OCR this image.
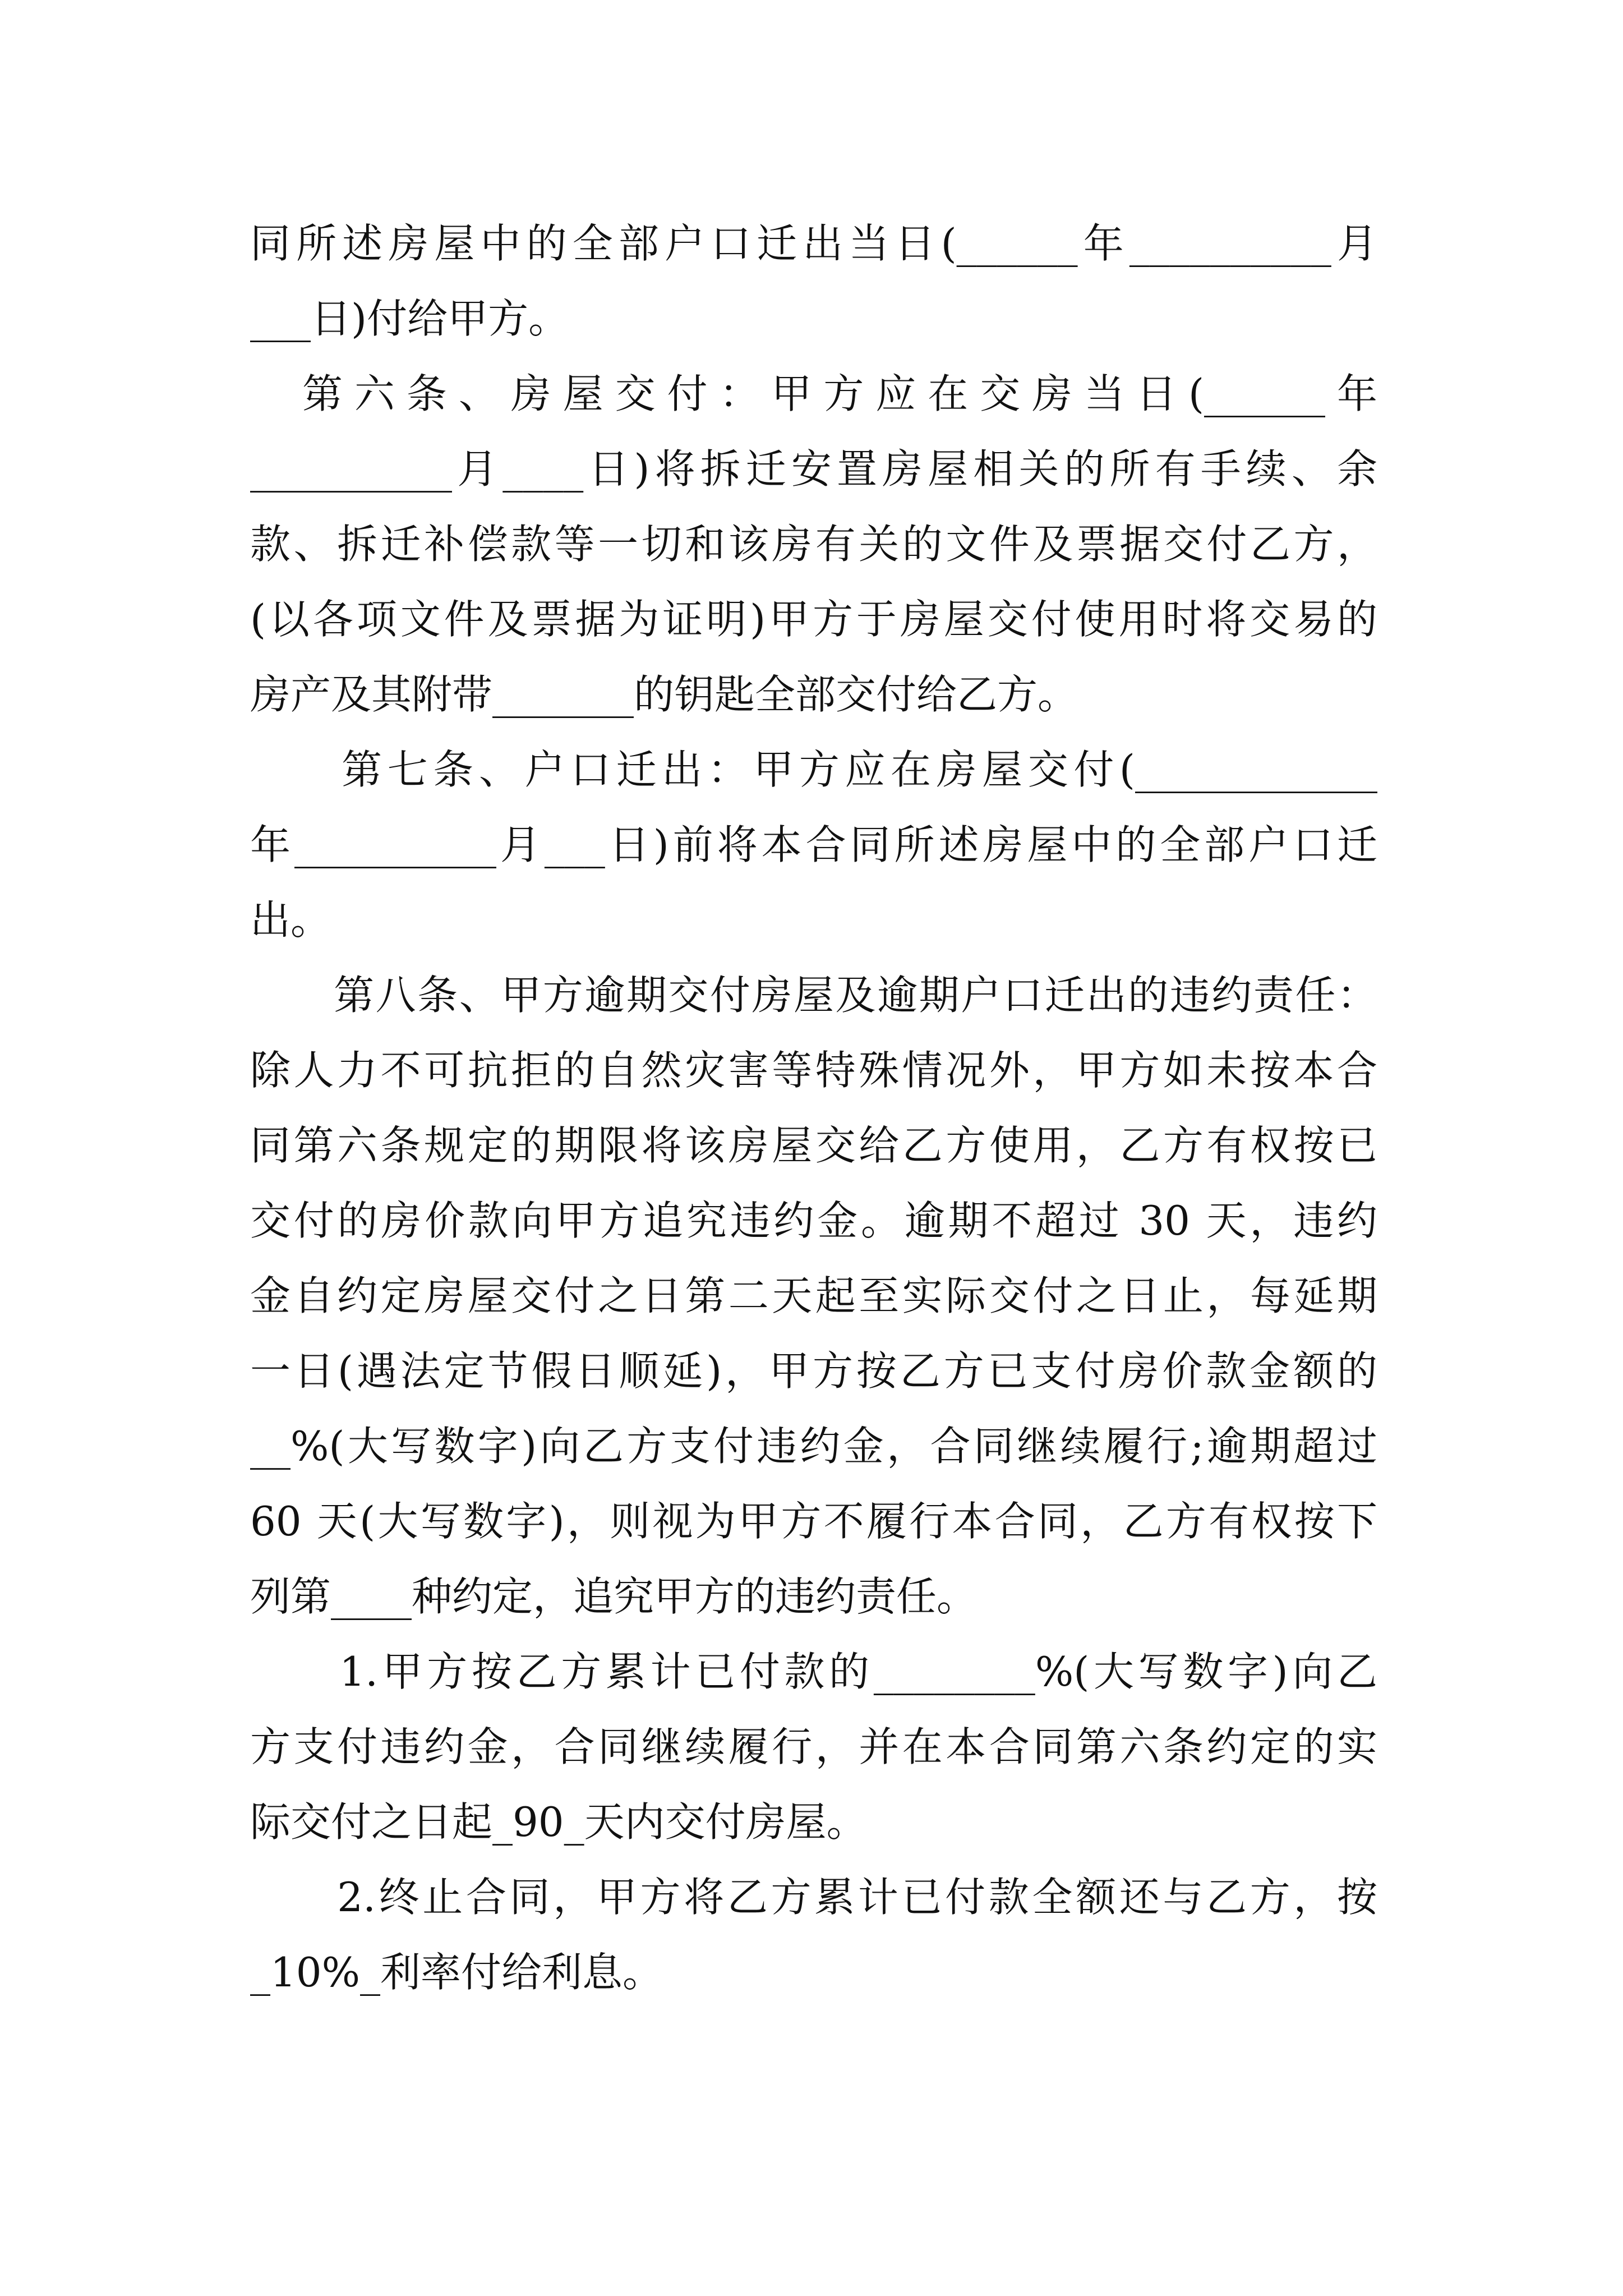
同所述房屋中的全部户口迁出当日(______年__________月
___日)付给甲方。
　第六条、房屋交付：甲方应在交房当日(______年
__________月____日)将拆迁安置房屋相关的所有手续、余
款、拆迁补偿款等一切和该房有关的文件及票据交付乙方，
(以各项文件及票据为证明)甲方于房屋交付使用时将交易的
房产及其附带_______的钥匙全部交付给乙方。
　　第七条、户口迁出：甲方应在房屋交付(____________
年__________月___日)前将本合同所述房屋中的全部户口迁
出。
　　第八条、甲方逾期交付房屋及逾期户口迁出的违约责任：
除人力不可抗拒的自然灾害等特殊情况外，甲方如未按本合
同第六条规定的期限将该房屋交给乙方使用，乙方有权按已
交付的房价款向甲方追究违约金。逾期不超过 30 天，违约
金自约定房屋交付之日第二天起至实际交付之日止，每延期
一日(遇法定节假日顺延)，甲方按乙方已支付房价款金额的
__%(大写数字)向乙方支付违约金，合同继续履行;逾期超过
60 天(大写数字)，则视为甲方不履行本合同，乙方有权按下
列第____种约定，追究甲方的违约责任。
　　1.甲方按乙方累计已付款的________%(大写数字)向乙
方支付违约金，合同继续履行，并在本合同第六条约定的实
际交付之日起_90_天内交付房屋。
　　2.终止合同，甲方将乙方累计已付款全额还与乙方，按
_10%_利率付给利息。
